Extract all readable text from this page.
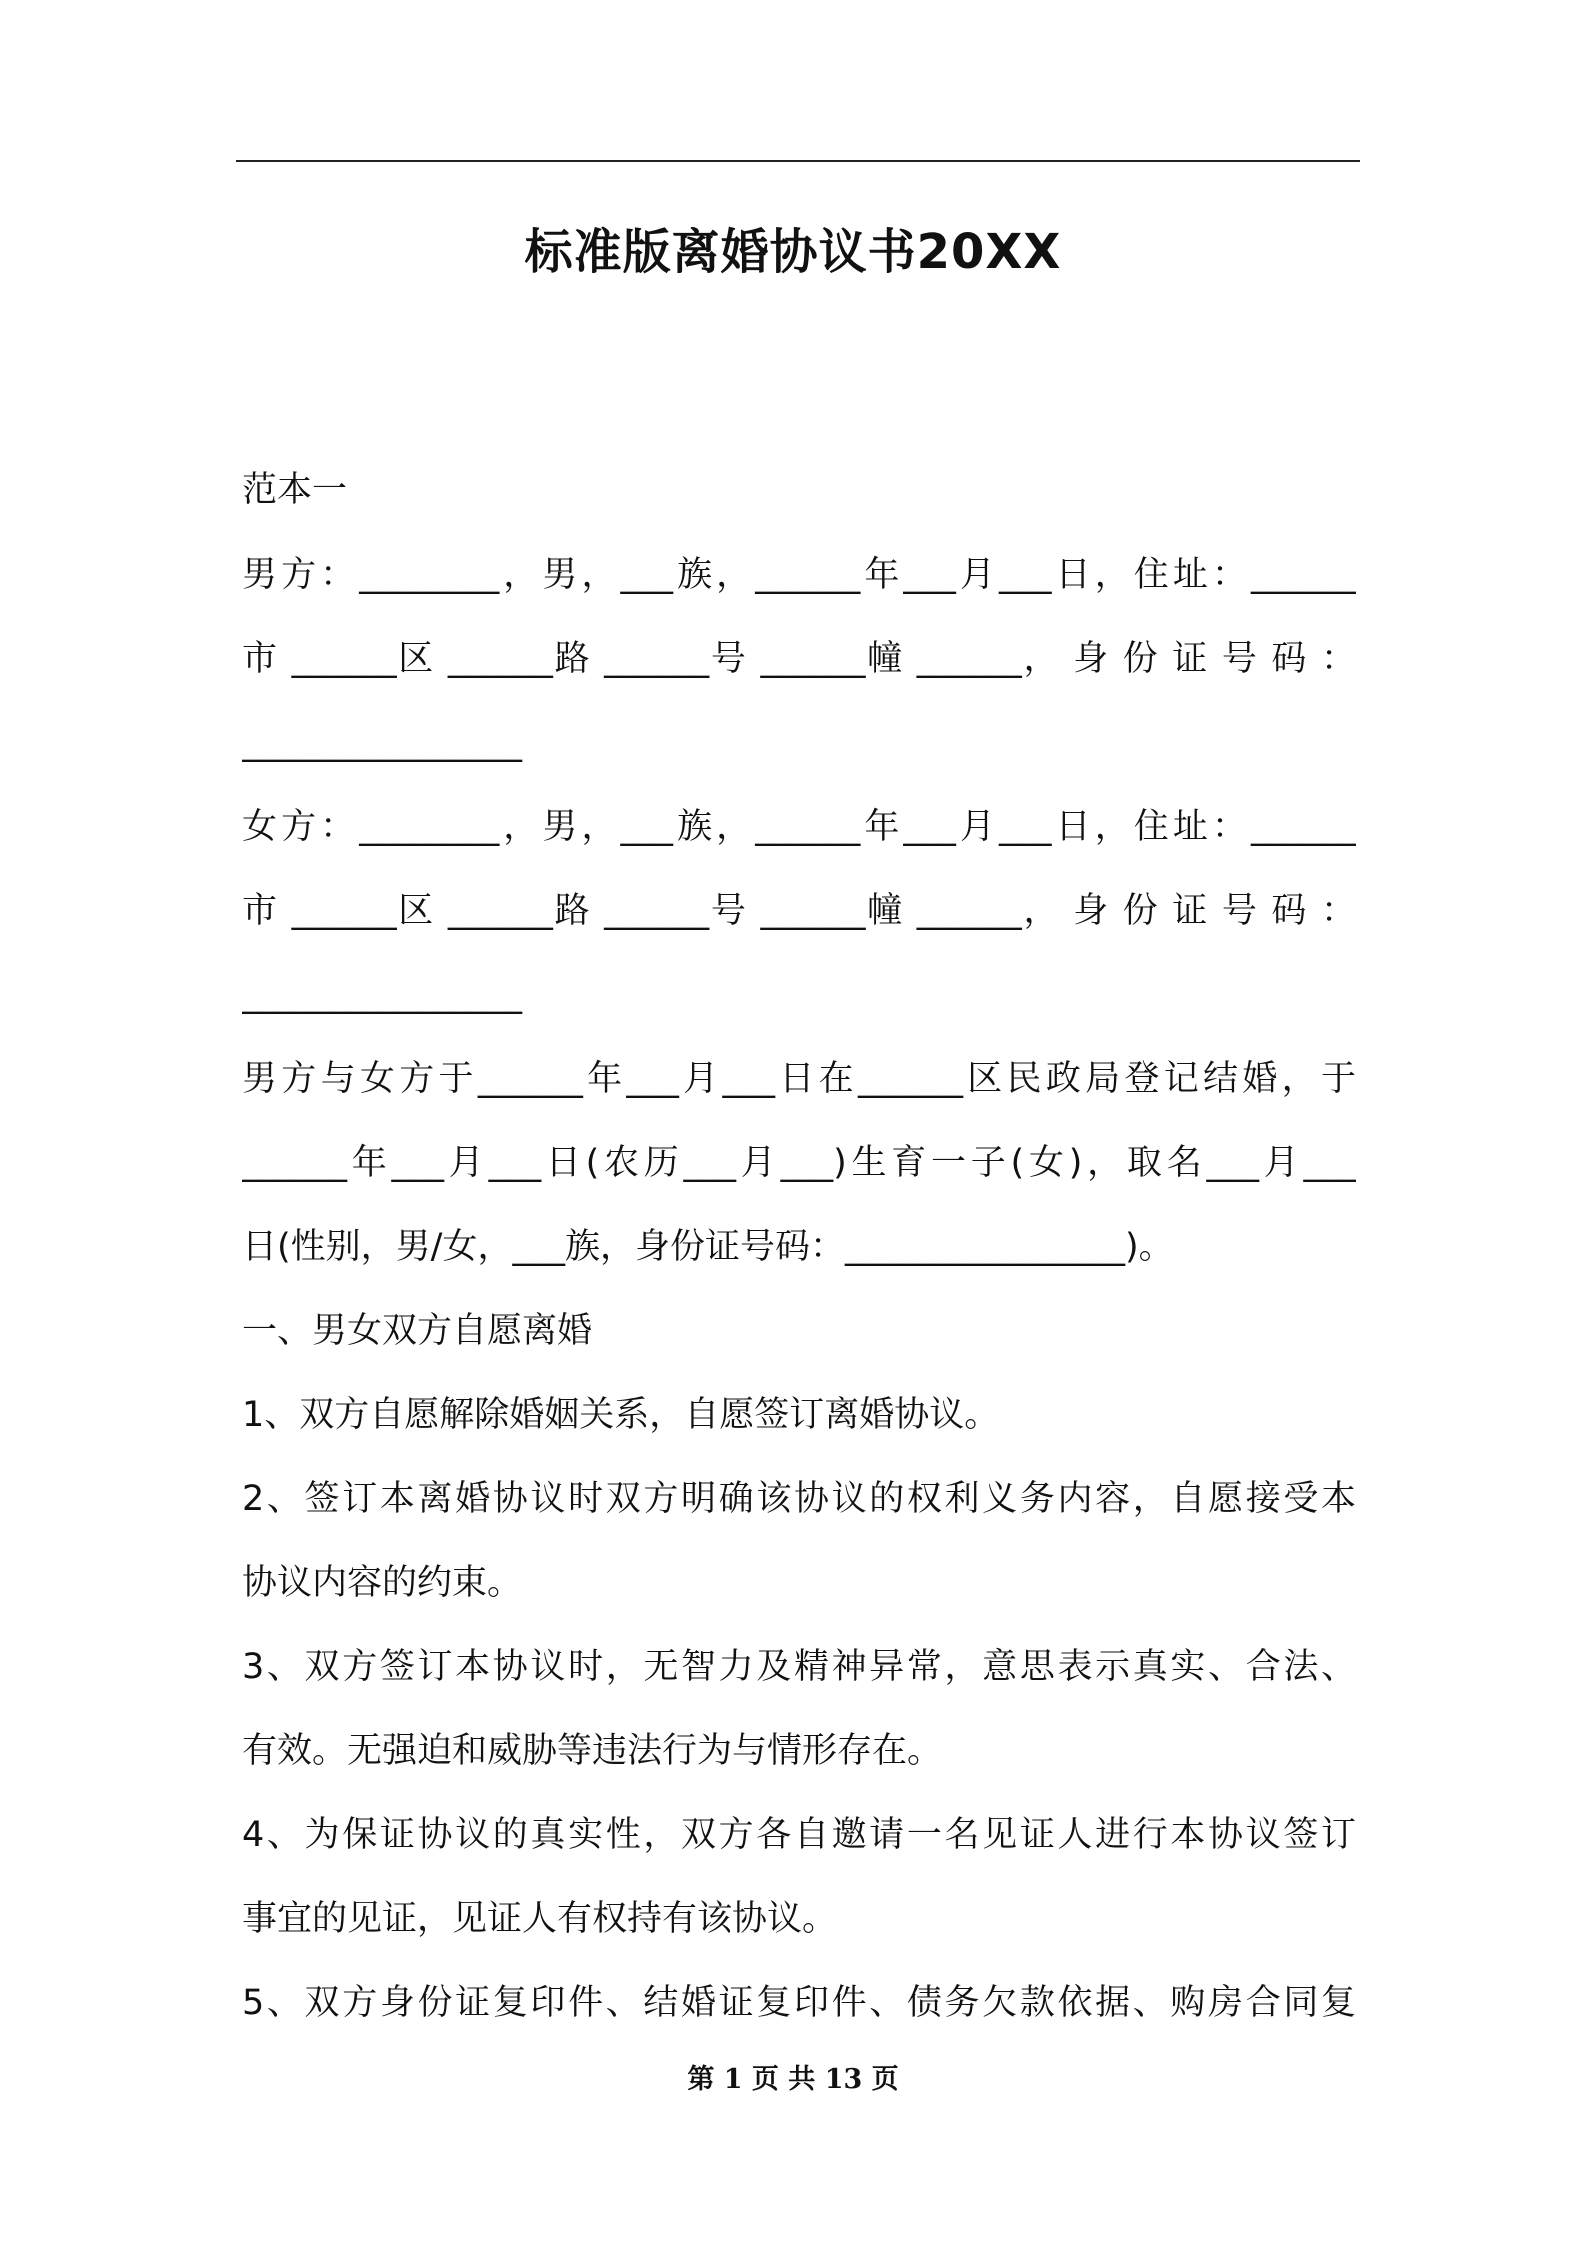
标准版离婚协议书20XX
范本一
男方：________，男，___族，______年___月___日，住址：______
市 ______区 ______路 ______号 ______幢 ______， 身 份 证 号 码 ：
________________
女方：________，男，___族，______年___月___日，住址：______
市 ______区 ______路 ______号 ______幢 ______， 身 份 证 号 码 ：
________________
男方与女方于______年___月___日在______区民政局登记结婚，于
______年___月___日(农历___月___)生育一子(女)，取名___月___
日(性别，男/女，___族，身份证号码：________________)。
一、男女双方自愿离婚
1、双方自愿解除婚姻关系，自愿签订离婚协议。
2、签订本离婚协议时双方明确该协议的权利义务内容，自愿接受本
协议内容的约束。
3、双方签订本协议时，无智力及精神异常，意思表示真实、合法、
有效。无强迫和威胁等违法行为与情形存在。
4、为保证协议的真实性，双方各自邀请一名见证人进行本协议签订
事宜的见证，见证人有权持有该协议。
5、双方身份证复印件、结婚证复印件、债务欠款依据、购房合同复
第 1 页 共 13 页
